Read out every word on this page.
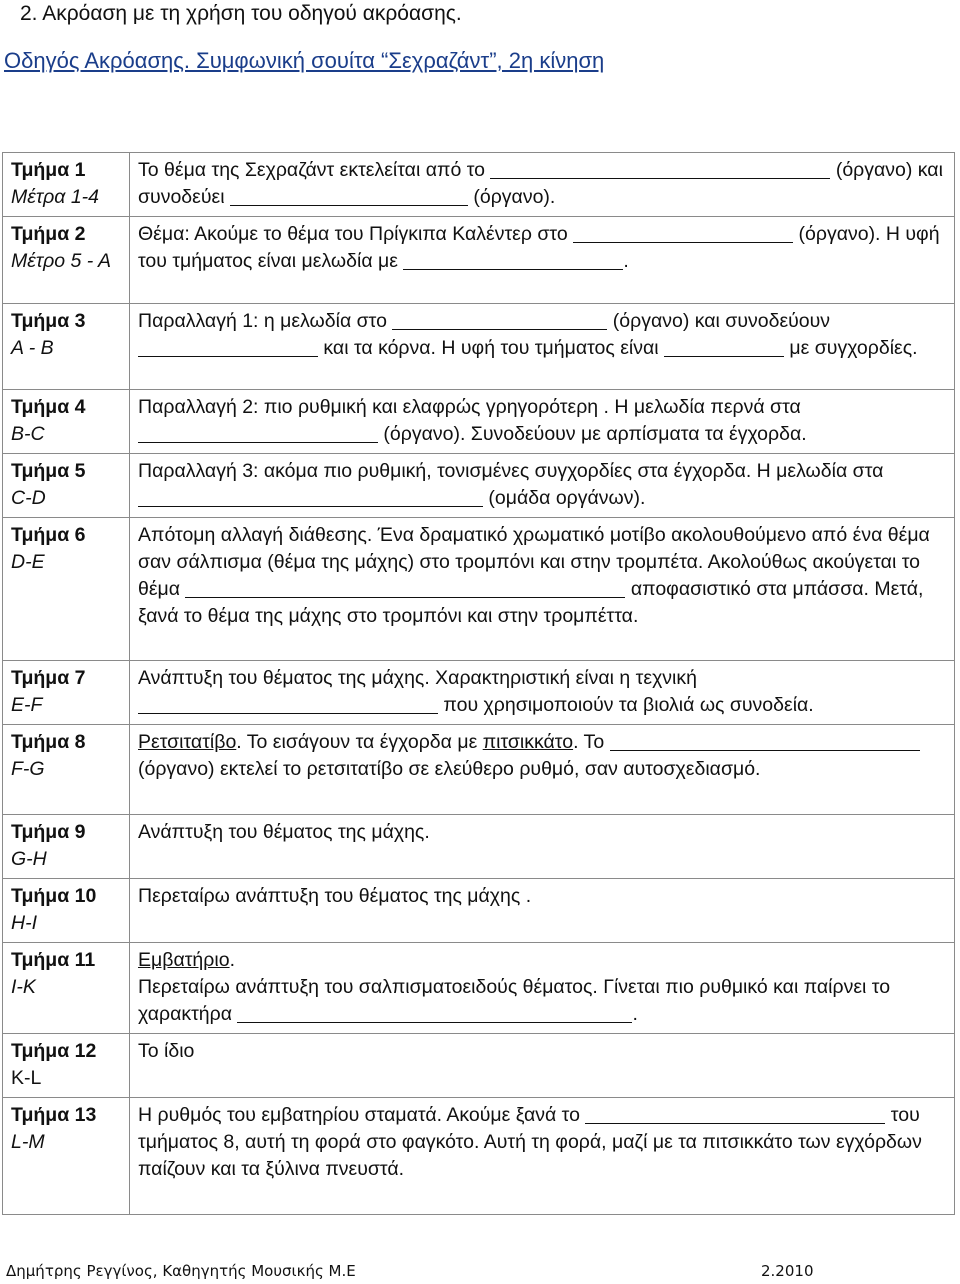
2. Ακρόαση με τη χρήση του οδηγού ακρόασης.
Οδηγός Ακρόασης. Συμφωνική σουίτα “Σεχραζάντ”, 2η κίνηση
Τμήμα 1
Μέτρα 1-4	Το θέμα της Σεχραζάντ εκτελείται από το (όργανο) και συνοδεύει (όργανο).

Τμήμα 2
Μέτρο 5 - Α	Θέμα: Ακούμε το θέμα του Πρίγκιπα Καλέντερ στο (όργανο). Η υφή του τμήματος είναι μελωδία με .

Τμήμα 3
Α - Β	Παραλλαγή 1: η μελωδία στο (όργανο) και συνοδεύουν  και τα κόρνα. Η υφή του τμήματος είναι με συγχορδίες.

Τμήμα 4
Β-C	Παραλλαγή 2: πιο ρυθμική και ελαφρώς γρηγορότερη . Η μελωδία περνά στα  (όργανο). Συνοδεύουν με αρπίσματα τα έγχορδα.

Τμήμα 5
C-D	Παραλλαγή 3: ακόμα πιο ρυθμική, τονισμένες συγχορδίες στα έγχορδα. Η μελωδία στα  (ομάδα οργάνων).

Τμήμα 6
D-E	Απότομη αλλαγή διάθεσης. Ένα δραματικό χρωματικό μοτίβο ακολουθούμενο από ένα θέμα σαν σάλπισμα (θέμα της μάχης) στο τρομπόνι και στην τρομπέτα. Ακολούθως ακούγεται το θέμα αποφασιστικό στα μπάσσα. Μετά, ξανά το θέμα της μάχης στο τρομπόνι και στην τρομπέττα.

Τμήμα 7
E-F	Ανάπτυξη του θέματος της μάχης. Χαρακτηριστική είναι η τεχνική  που χρησιμοποιούν τα βιολιά ως συνοδεία.

Τμήμα 8
F-G	Ρετσιτατίβο. Το εισάγουν τα έγχορδα με πιτσικκάτο. Το  (όργανο) εκτελεί το ρετσιτατίβο σε ελεύθερο ρυθμό, σαν αυτοσχεδιασμό.

Τμήμα 9
G-H	Ανάπτυξη του θέματος της μάχης.

Τμήμα 10
H-I	Περεταίρω ανάπτυξη του θέματος της μάχης .

Τμήμα 11
I-K	Εμβατήριο.
Περεταίρω ανάπτυξη του σαλπισματοειδούς θέματος. Γίνεται πιο ρυθμικό και παίρνει το χαρακτήρα .

Τμήμα 12
K-L	Το ίδιο

Τμήμα 13
L-M	Η ρυθμός του εμβατηρίου σταματά. Ακούμε ξανά το του τμήματος 8, αυτή τη φορά στο φαγκότο. Αυτή τη φορά, μαζί με τα πιτσικκάτο των εγχόρδων παίζουν και τα ξύλινα πνευστά.
Δημήτρης Ρεγγίνος, Καθηγητής Μουσικής Μ.Ε	2.2010
